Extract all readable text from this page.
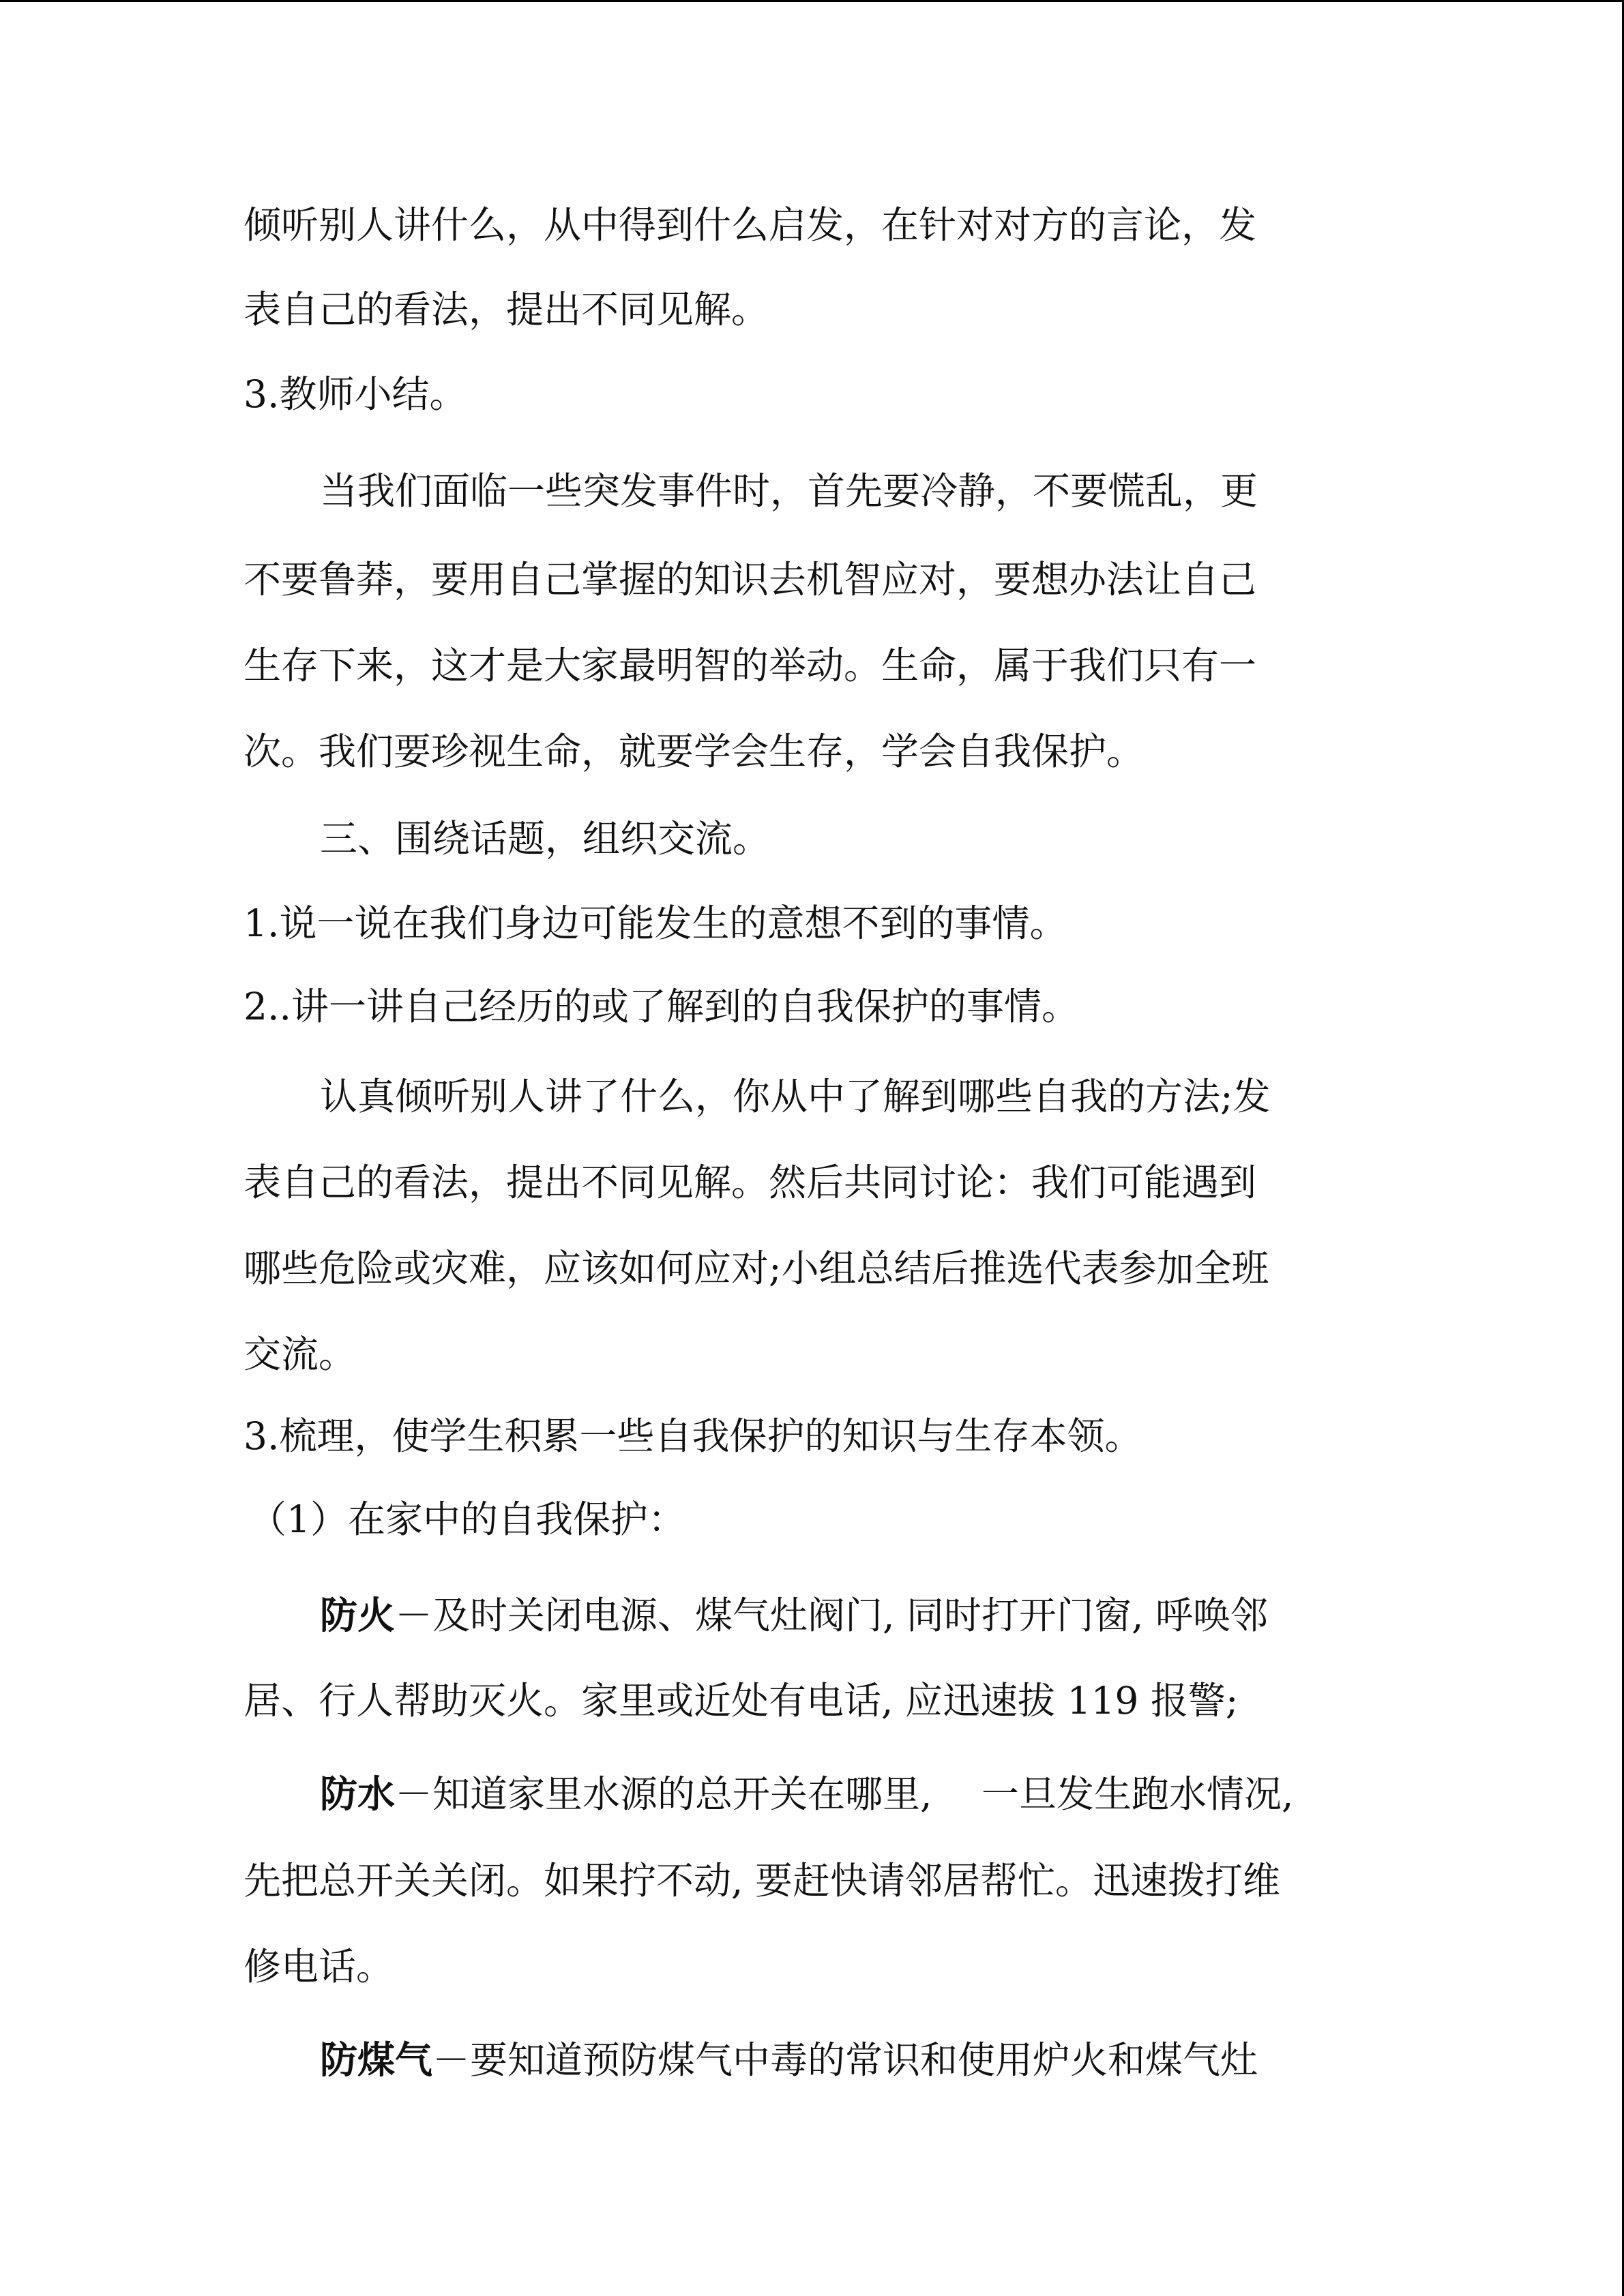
倾听别人讲什么，从中得到什么启发，在针对对方的言论，发
表自己的看法，提出不同见解。
3.教师小结。
当我们面临一些突发事件时，首先要冷静，不要慌乱，更
不要鲁莽，要用自己掌握的知识去机智应对，要想办法让自己
生存下来，这才是大家最明智的举动。生命，属于我们只有一
次。我们要珍视生命，就要学会生存，学会自我保护。
三、围绕话题，组织交流。
1.说一说在我们身边可能发生的意想不到的事情。
2..讲一讲自己经历的或了解到的自我保护的事情。
认真倾听别人讲了什么，你从中了解到哪些自我的方法;发
表自己的看法，提出不同见解。然后共同讨论：我们可能遇到
哪些危险或灾难，应该如何应对;小组总结后推选代表参加全班
交流。
3.梳理，使学生积累一些自我保护的知识与生存本领。
（1）在家中的自我保护：
防火－及时关闭电源、煤气灶阀门, 同时打开门窗, 呼唤邻
居、行人帮助灭火。家里或近处有电话, 应迅速拔 119 报警;
防水－知道家里水源的总开关在哪里,　 一旦发生跑水情况,
先把总开关关闭。如果拧不动, 要赶快请邻居帮忙。迅速拨打维
修电话。
防煤气－要知道预防煤气中毒的常识和使用炉火和煤气灶
